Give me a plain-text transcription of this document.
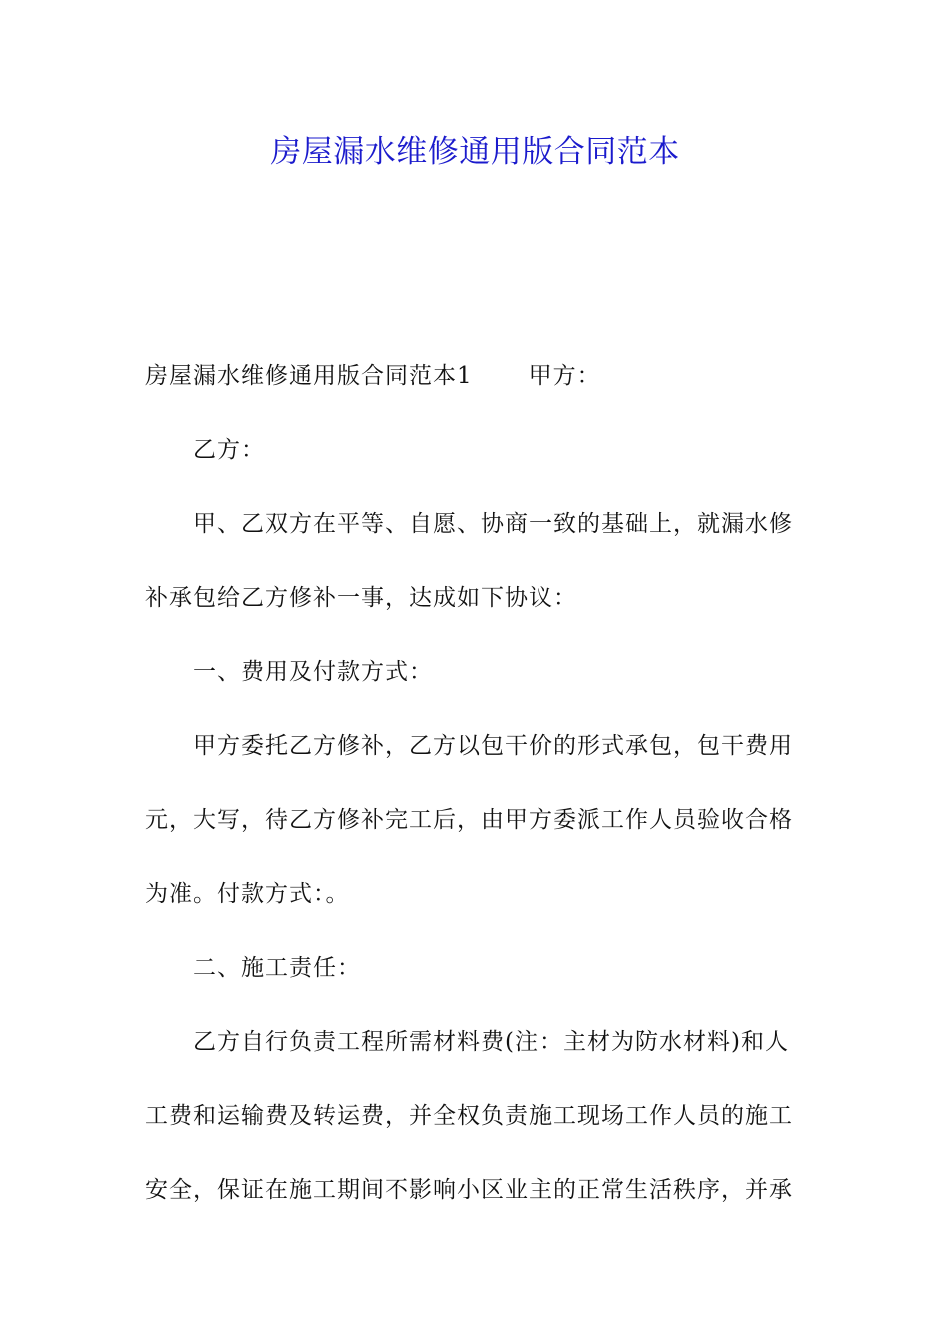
房屋漏水维修通用版合同范本
房屋漏水维修通用版合同范本1 甲方：
乙方：
甲、乙双方在平等、自愿、协商一致的基础上，就漏水修
补承包给乙方修补一事，达成如下协议：
一、费用及付款方式：
甲方委托乙方修补，乙方以包干价的形式承包，包干费用
元，大写，待乙方修补完工后，由甲方委派工作人员验收合格
为准。付款方式：。
二、施工责任：
乙方自行负责工程所需材料费(注：主材为防水材料)和人
工费和运输费及转运费，并全权负责施工现场工作人员的施工
安全，保证在施工期间不影响小区业主的正常生活秩序，并承
